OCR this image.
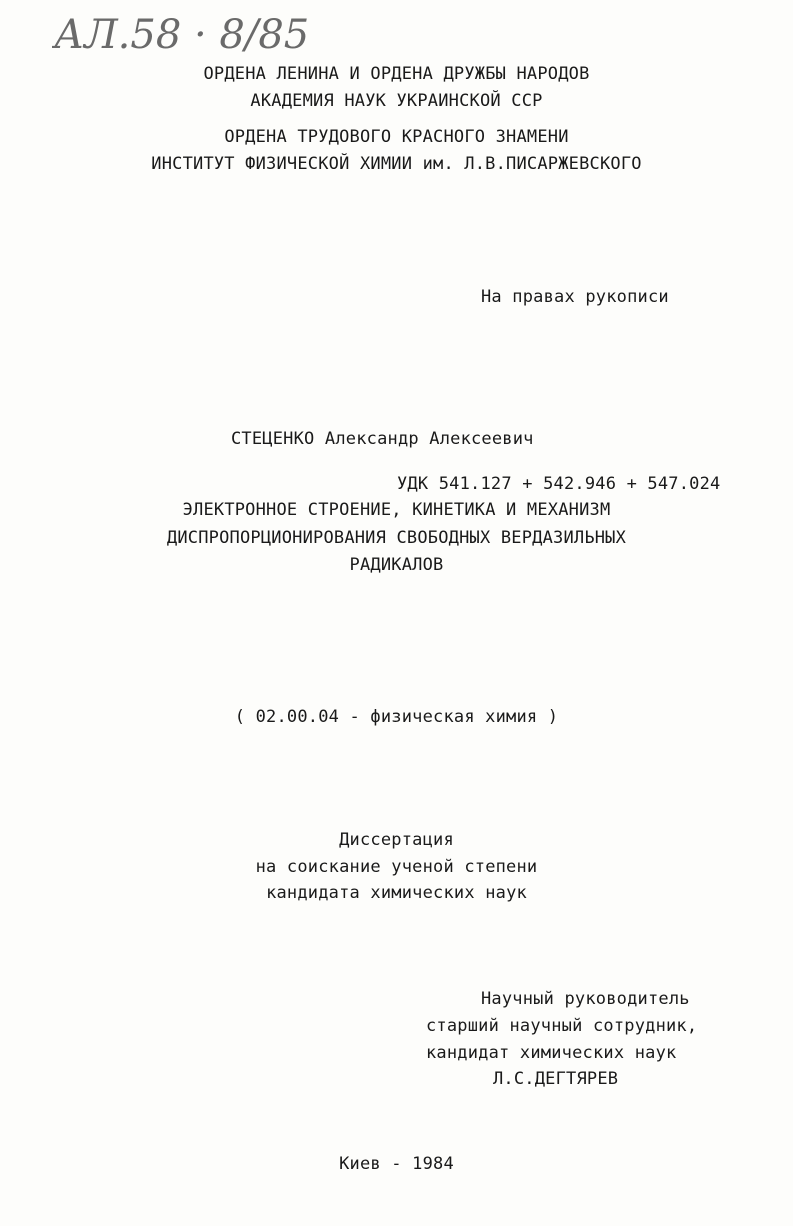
АЛ.58 · 8/85
ОРДЕНА ЛЕНИНА И ОРДЕНА ДРУЖБЫ НАРОДОВ
АКАДЕМИЯ НАУК УКРАИНСКОЙ ССР
ОРДЕНА ТРУДОВОГО КРАСНОГО ЗНАМЕНИ
ИНСТИТУТ ФИЗИЧЕСКОЙ ХИМИИ им. Л.В.ПИСАРЖЕВСКОГО
На правах рукописи
СТЕЦЕНКО Александр Алексеевич
УДК 541.127 + 542.946 + 547.024
ЭЛЕКТРОННОЕ СТРОЕНИЕ, КИНЕТИКА И МЕХАНИЗМ
ДИСПРОПОРЦИОНИРОВАНИЯ СВОБОДНЫХ ВЕРДАЗИЛЬНЫХ
РАДИКАЛОВ
( 02.00.04 - физическая химия )
Диссертация
на соискание ученой степени
кандидата химических наук
Научный руководитель
старший научный сотрудник,
кандидат химических наук
Л.С.ДЕГТЯРЕВ
Киев - 1984
